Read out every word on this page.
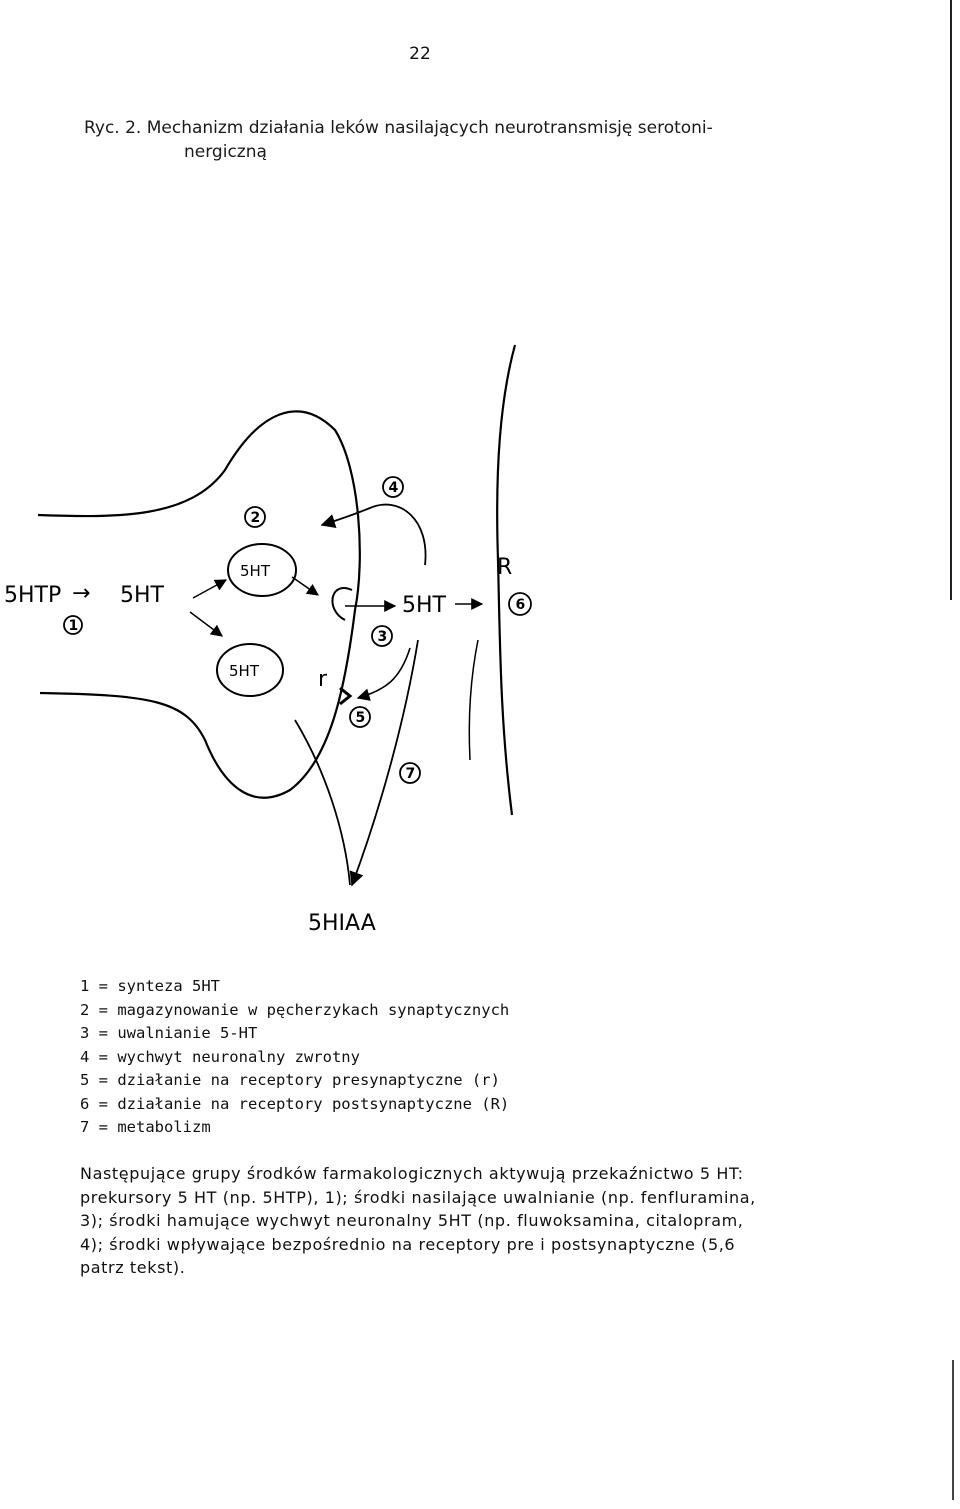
22
Ryc. 2. Mechanizm działania leków nasilających neurotransmisję serotoni-
nergiczną
5HTP → 5HT
1
5HT
2
5HT
5HT
R
6
4
3
r
5
7
5HIAA
1 = synteza 5HT
2 = magazynowanie w pęcherzykach synaptycznych
3 = uwalnianie 5-HT
4 = wychwyt neuronalny zwrotny
5 = działanie na receptory presynaptyczne (r)
6 = działanie na receptory postsynaptyczne (R)
7 = metabolizm
Następujące grupy środków farmakologicznych aktywują przekaźnictwo 5 HT:
prekursory 5 HT (np. 5HTP), 1); środki nasilające uwalnianie (np. fenfluramina,
3); środki hamujące wychwyt neuronalny 5HT (np. fluwoksamina, citalopram,
4); środki wpływające bezpośrednio na receptory pre i postsynaptyczne (5,6
patrz tekst).
